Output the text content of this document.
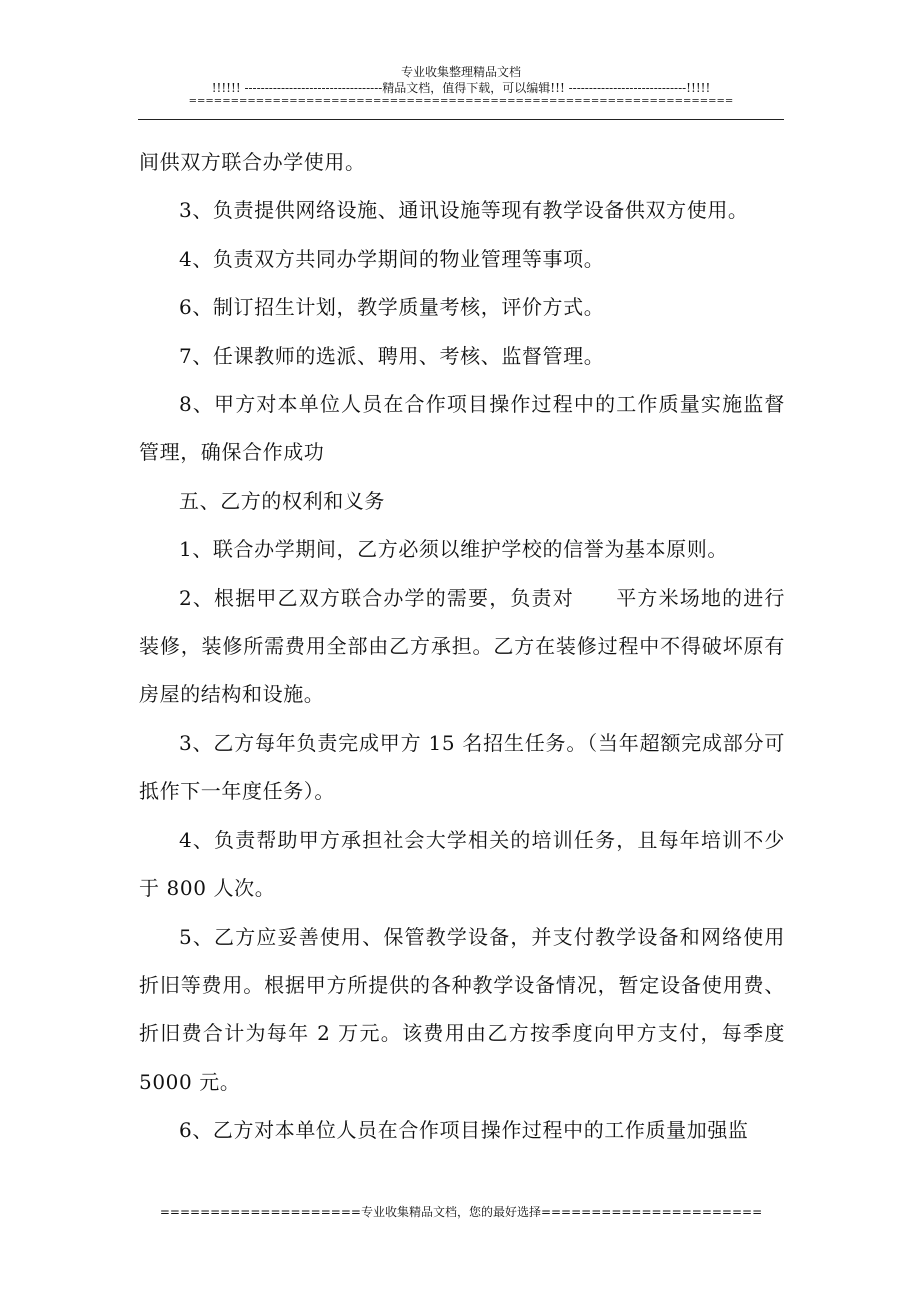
专业收集整理精品文档
!!!!!! ----------------------------------精品文档，值得下载，可以编辑!!! -----------------------------!!!!!
=================================================================

间供双方联合办学使用。

3、负责提供网络设施、通讯设施等现有教学设备供双方使用。

4、负责双方共同办学期间的物业管理等事项。

6、制订招生计划，教学质量考核，评价方式。

7、任课教师的选派、聘用、考核、监督管理。

8、甲方对本单位人员在合作项目操作过程中的工作质量实施监督管理，确保合作成功

五、乙方的权利和义务

1、联合办学期间，乙方必须以维护学校的信誉为基本原则。

2、根据甲乙双方联合办学的需要，负责对　　平方米场地的进行装修，装修所需费用全部由乙方承担。乙方在装修过程中不得破坏原有房屋的结构和设施。

3、乙方每年负责完成甲方 15 名招生任务。（当年超额完成部分可抵作下一年度任务）。

4、负责帮助甲方承担社会大学相关的培训任务，且每年培训不少于 800 人次。

5、乙方应妥善使用、保管教学设备，并支付教学设备和网络使用折旧等费用。根据甲方所提供的各种教学设备情况，暂定设备使用费、折旧费合计为每年 2 万元。该费用由乙方按季度向甲方支付，每季度 5000 元。

6、乙方对本单位人员在合作项目操作过程中的工作质量加强监

====================专业收集精品文档，您的最好选择======================
